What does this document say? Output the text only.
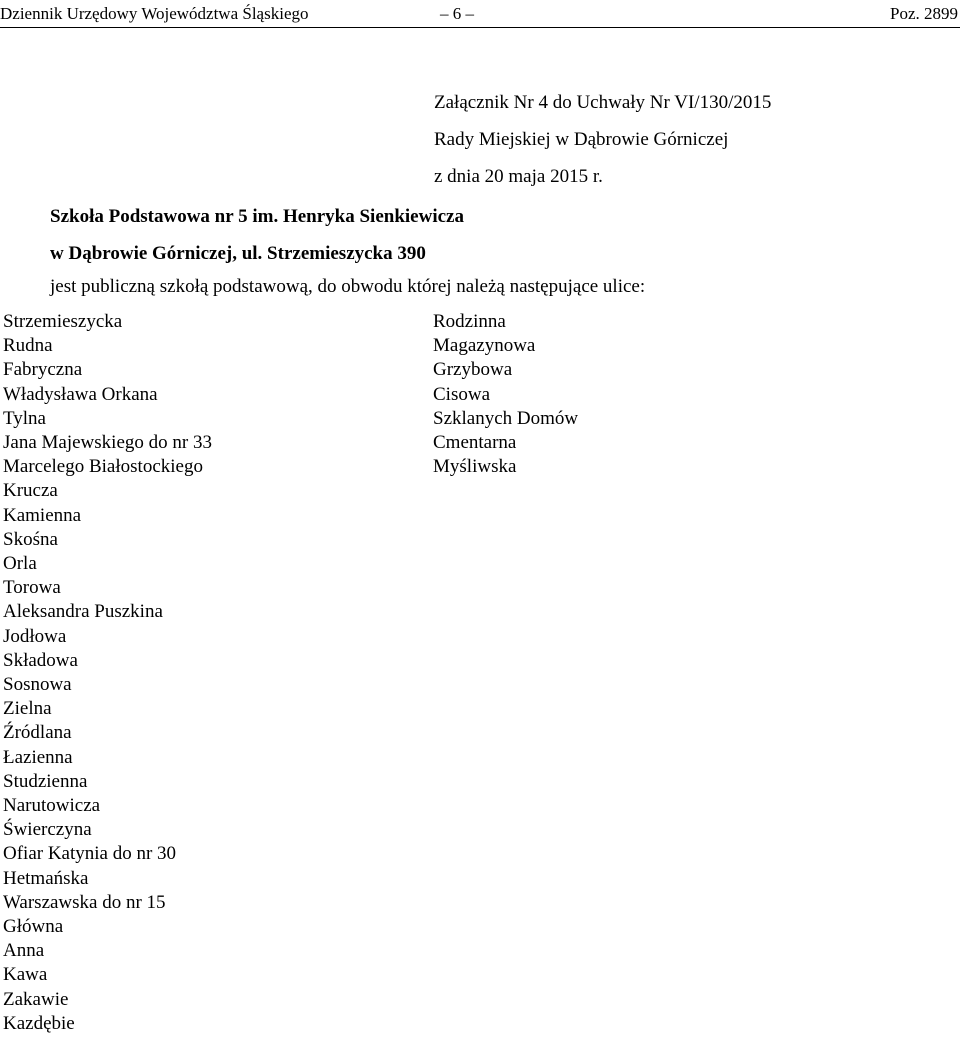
Dziennik Urzędowy Województwa Śląskiego	– 6 –	Poz. 2899
Załącznik Nr 4 do Uchwały Nr VI/130/2015
Rady Miejskiej w Dąbrowie Górniczej
z dnia 20 maja 2015 r.
Szkoła Podstawowa nr 5 im. Henryka Sienkiewicza
w Dąbrowie Górniczej, ul. Strzemieszycka 390
jest publiczną szkołą podstawową, do obwodu której należą następujące ulice:
Strzemieszycka
Rudna
Fabryczna
Władysława Orkana
Tylna
Jana Majewskiego do nr 33
Marcelego Białostockiego
Krucza
Kamienna
Skośna
Orla
Torowa
Aleksandra Puszkina
Jodłowa
Składowa
Sosnowa
Zielna
Źródlana
Łazienna
Studzienna
Narutowicza
Świerczyna
Ofiar Katynia do nr 30
Hetmańska
Warszawska do nr 15
Główna
Anna
Kawa
Zakawie
Kazdębie
Rodzinna
Magazynowa
Grzybowa
Cisowa
Szklanych Domów
Cmentarna
Myśliwska
